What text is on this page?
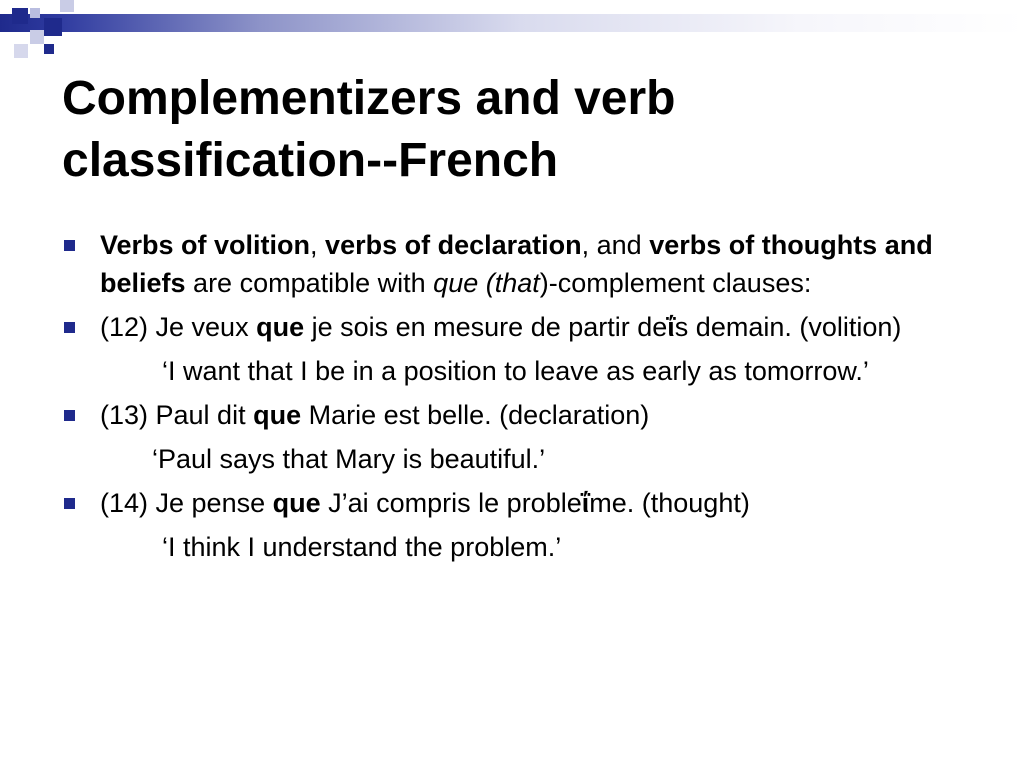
Complementizers and verb
classification--French
Verbs of volition, verbs of declaration, and verbs of thoughts and beliefs are compatible with que (that)-complement clauses:
(12) Je veux que je sois en mesure de partir deΐs demain. (volition)
‘I want that I be in a position to leave as early as tomorrow.’
(13) Paul dit que Marie est belle. (declaration)
‘Paul says that Mary is beautiful.’
(14) Je pense que J’ai compris le probleΐme. (thought)
‘I think I understand the problem.’
